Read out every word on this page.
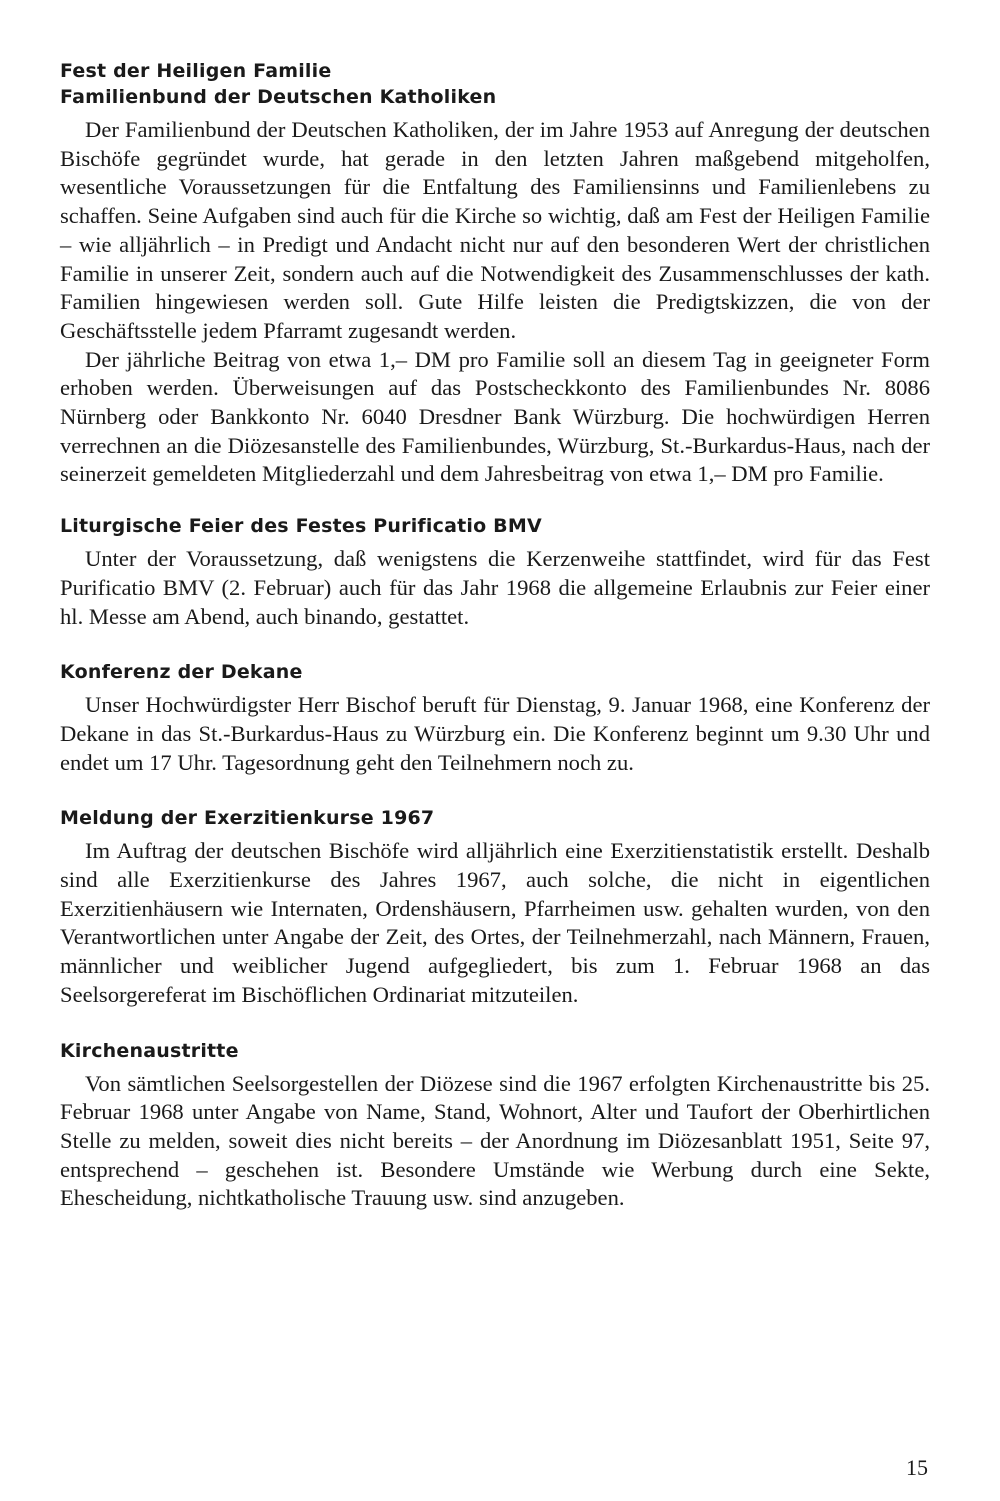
Fest der Heiligen Familie
Familienbund der Deutschen Katholiken

Der Familienbund der Deutschen Katholiken, der im Jahre 1953 auf Anregung der deutschen Bischöfe gegründet wurde, hat gerade in den letzten Jahren maßgebend mitgeholfen, wesentliche Voraussetzungen für die Entfaltung des Familiensinns und Familienlebens zu schaffen. Seine Aufgaben sind auch für die Kirche so wichtig, daß am Fest der Heiligen Familie – wie alljährlich – in Predigt und Andacht nicht nur auf den besonderen Wert der christlichen Familie in unserer Zeit, sondern auch auf die Notwendigkeit des Zusammenschlusses der kath. Familien hingewiesen werden soll. Gute Hilfe leisten die Predigtskizzen, die von der Geschäftsstelle jedem Pfarramt zugesandt werden.

Der jährliche Beitrag von etwa 1,– DM pro Familie soll an diesem Tag in geeigneter Form erhoben werden. Überweisungen auf das Postscheckkonto des Familienbundes Nr. 8086 Nürnberg oder Bankkonto Nr. 6040 Dresdner Bank Würzburg. Die hochwürdigen Herren verrechnen an die Diözesanstelle des Familienbundes, Würzburg, St.-Burkardus-Haus, nach der seinerzeit gemeldeten Mitgliederzahl und dem Jahresbeitrag von etwa 1,– DM pro Familie.

Liturgische Feier des Festes Purificatio BMV

Unter der Voraussetzung, daß wenigstens die Kerzenweihe stattfindet, wird für das Fest Purificatio BMV (2. Februar) auch für das Jahr 1968 die allgemeine Erlaubnis zur Feier einer hl. Messe am Abend, auch binando, gestattet.

Konferenz der Dekane

Unser Hochwürdigster Herr Bischof beruft für Dienstag, 9. Januar 1968, eine Konferenz der Dekane in das St.-Burkardus-Haus zu Würzburg ein. Die Konferenz beginnt um 9.30 Uhr und endet um 17 Uhr. Tagesordnung geht den Teilnehmern noch zu.

Meldung der Exerzitienkurse 1967

Im Auftrag der deutschen Bischöfe wird alljährlich eine Exerzitienstatistik erstellt. Deshalb sind alle Exerzitienkurse des Jahres 1967, auch solche, die nicht in eigentlichen Exerzitienhäusern wie Internaten, Ordenshäusern, Pfarrheimen usw. gehalten wurden, von den Verantwortlichen unter Angabe der Zeit, des Ortes, der Teilnehmerzahl, nach Männern, Frauen, männlicher und weiblicher Jugend aufgegliedert, bis zum 1. Februar 1968 an das Seelsorgereferat im Bischöflichen Ordinariat mitzuteilen.

Kirchenaustritte

Von sämtlichen Seelsorgestellen der Diözese sind die 1967 erfolgten Kirchenaustritte bis 25. Februar 1968 unter Angabe von Name, Stand, Wohnort, Alter und Taufort der Oberhirtlichen Stelle zu melden, soweit dies nicht bereits – der Anordnung im Diözesanblatt 1951, Seite 97, entsprechend – geschehen ist. Besondere Umstände wie Werbung durch eine Sekte, Ehescheidung, nichtkatholische Trauung usw. sind anzugeben.

15
